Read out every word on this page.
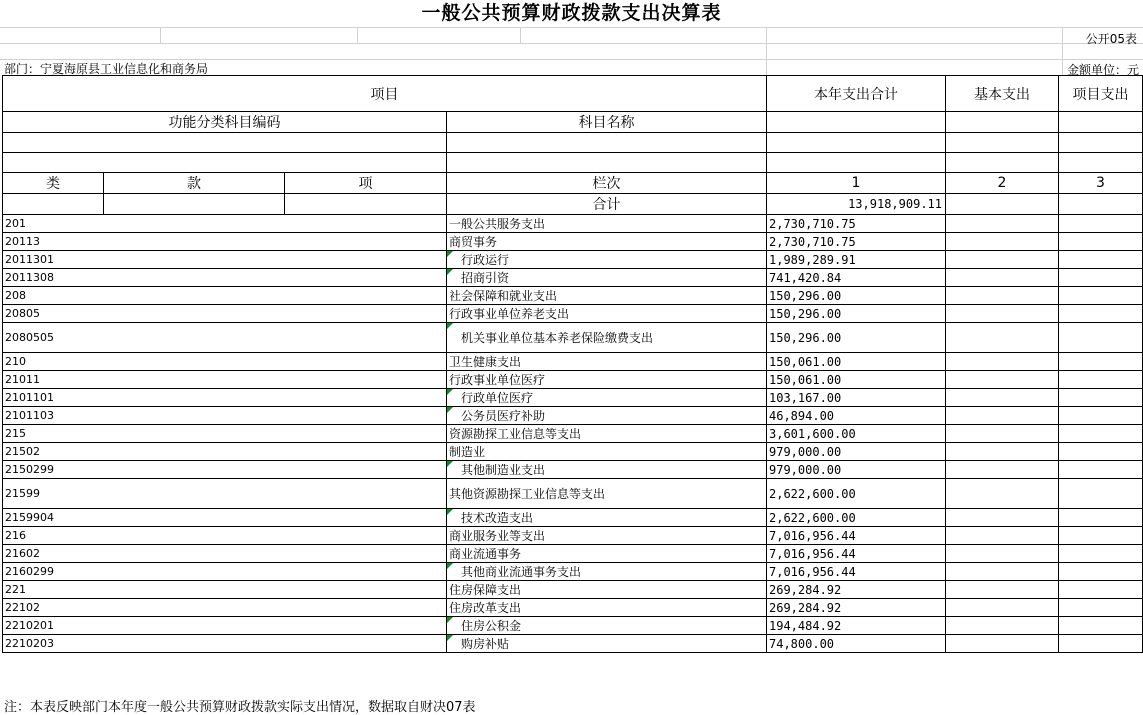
一般公共预算财政拨款支出决算表
公开05表
部门：宁夏海原县工业信息化和商务局	金额单位：元
项目				本年支出合计	基本支出	项目支出
功能分类科目编码			科目名称			

类	款	项	栏次	1	2	3
			合计	13,918,909.11		
201			一般公共服务支出	2,730,710.75		
20113			商贸事务	2,730,710.75		
2011301			行政运行	1,989,289.91		
2011308			招商引资	741,420.84		
208			社会保障和就业支出	150,296.00		
20805			行政事业单位养老支出	150,296.00		
2080505			机关事业单位基本养老保险缴费支出	150,296.00		
210			卫生健康支出	150,061.00		
21011			行政事业单位医疗	150,061.00		
2101101			行政单位医疗	103,167.00		
2101103			公务员医疗补助	46,894.00		
215			资源勘探工业信息等支出	3,601,600.00		
21502			制造业	979,000.00		
2150299			其他制造业支出	979,000.00		
21599			其他资源勘探工业信息等支出	2,622,600.00		
2159904			技术改造支出	2,622,600.00		
216			商业服务业等支出	7,016,956.44		
21602			商业流通事务	7,016,956.44		
2160299			其他商业流通事务支出	7,016,956.44		
221			住房保障支出	269,284.92		
22102			住房改革支出	269,284.92		
2210201			住房公积金	194,484.92		
2210203			购房补贴	74,800.00		
注：本表反映部门本年度一般公共预算财政拨款实际支出情况，数据取自财决07表
